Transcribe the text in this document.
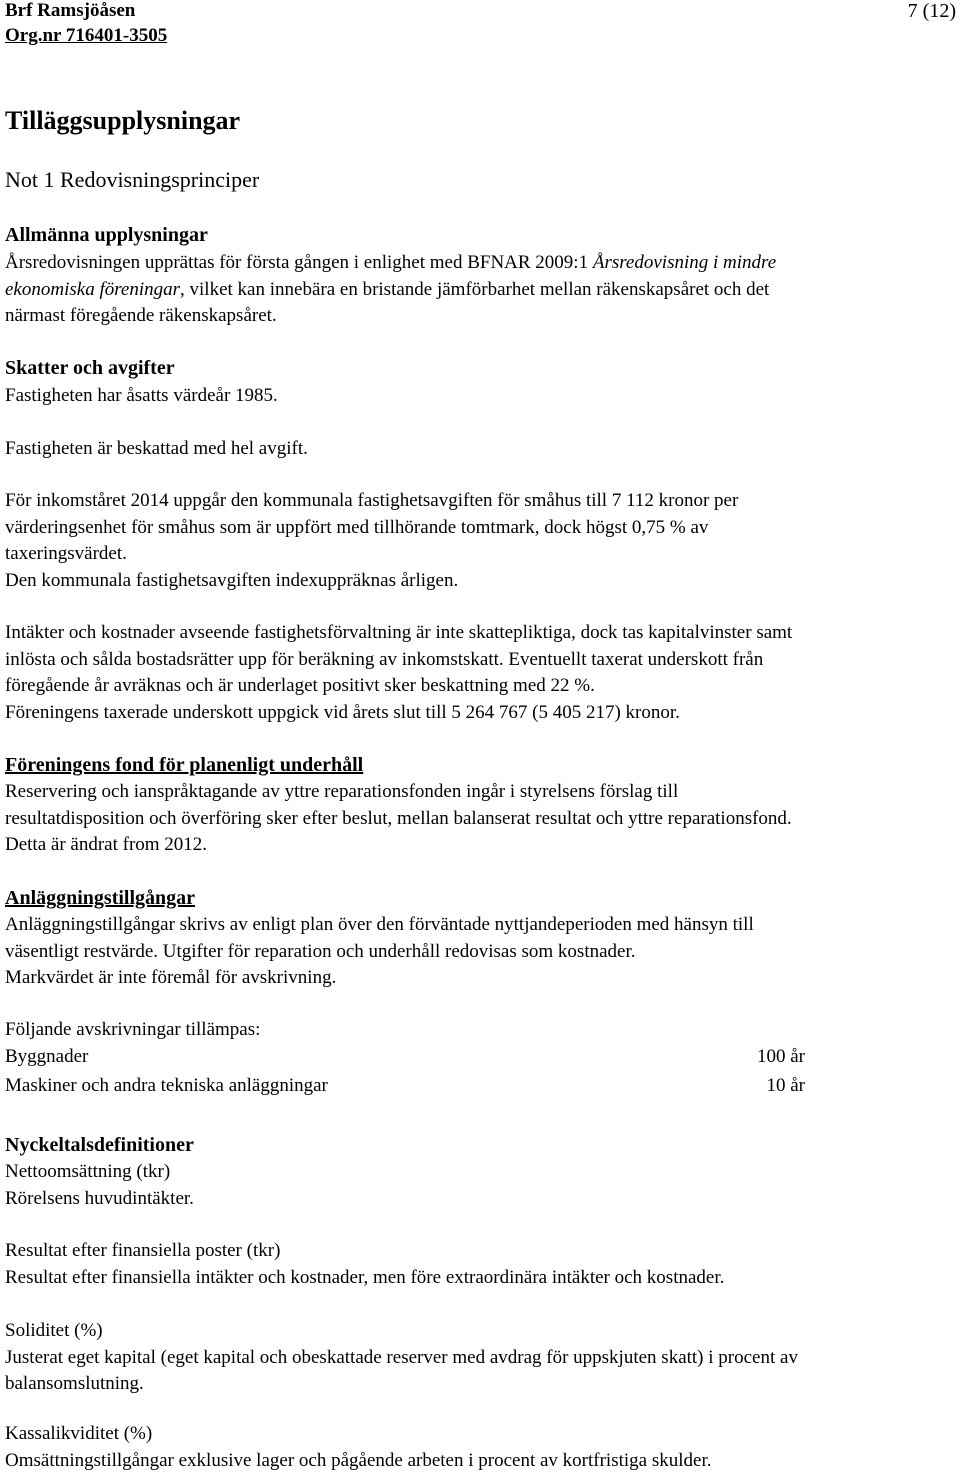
Brf Ramsjöåsen
Org.nr 716401-3505
7 (12)
Tilläggsupplysningar
Not 1 Redovisningsprinciper
Allmänna upplysningar
Årsredovisningen upprättas för första gången i enlighet med BFNAR 2009:1 Årsredovisning i mindre
ekonomiska föreningar, vilket kan innebära en bristande jämförbarhet mellan räkenskapsåret och det
närmast föregående räkenskapsåret.
Skatter och avgifter
Fastigheten har åsatts värdeår 1985.
Fastigheten är beskattad med hel avgift.
För inkomståret 2014 uppgår den kommunala fastighetsavgiften för småhus till 7 112 kronor per
värderingsenhet för småhus som är uppfört med tillhörande tomtmark, dock högst 0,75 % av
taxeringsvärdet.
Den kommunala fastighetsavgiften indexuppräknas årligen.
Intäkter och kostnader avseende fastighetsförvaltning är inte skattepliktiga, dock tas kapitalvinster samt
inlösta och sålda bostadsrätter upp för beräkning av inkomstskatt. Eventuellt taxerat underskott från
föregående år avräknas och är underlaget positivt sker beskattning med 22 %.
Föreningens taxerade underskott uppgick vid årets slut till 5 264 767 (5 405 217) kronor.
Föreningens fond för planenligt underhåll
Reservering och ianspråktagande av yttre reparationsfonden ingår i styrelsens förslag till
resultatdisposition och överföring sker efter beslut, mellan balanserat resultat och yttre reparationsfond.
Detta är ändrat from 2012.
Anläggningstillgångar
Anläggningstillgångar skrivs av enligt plan över den förväntade nyttjandeperioden med hänsyn till
väsentligt restvärde. Utgifter för reparation och underhåll redovisas som kostnader.
Markvärdet är inte föremål för avskrivning.
Följande avskrivningar tillämpas:
Byggnader	100 år
Maskiner och andra tekniska anläggningar	10 år
Nyckeltalsdefinitioner
Nettoomsättning (tkr)
Rörelsens huvudintäkter.
Resultat efter finansiella poster (tkr)
Resultat efter finansiella intäkter och kostnader, men före extraordinära intäkter och kostnader.
Soliditet (%)
Justerat eget kapital (eget kapital och obeskattade reserver med avdrag för uppskjuten skatt) i procent av
balansomslutning.
Kassalikviditet (%)
Omsättningstillgångar exklusive lager och pågående arbeten i procent av kortfristiga skulder.
